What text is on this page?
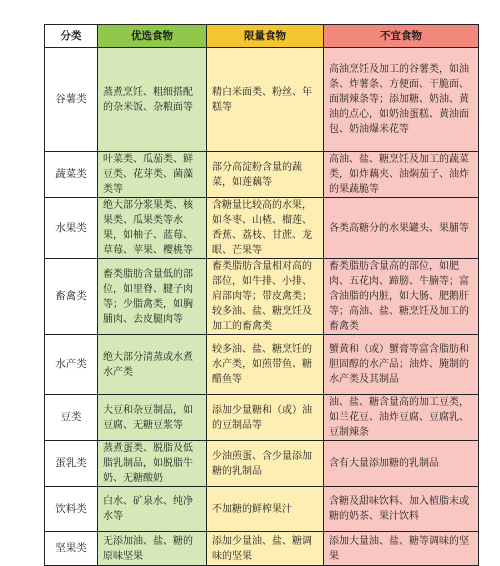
分类	优选食物	限量食物	不宜食物
谷薯类	蒸煮烹饪、粗细搭配的杂米饭、杂粮面等	精白米面类、粉丝、年糕等	高油烹饪及加工的谷薯类，如油条、炸薯条、方便面、干脆面、面制辣条等；添加糖、奶油、黄油的点心，如奶油蛋糕、黄油面包、奶油爆米花等
蔬菜类	叶菜类、瓜茄类、鲜豆类、花芽类、菌藻类等	部分高淀粉含量的蔬菜，如莲藕等	高油、盐、糖烹饪及加工的蔬菜类，如炸藕夹、油焖茄子、油炸的果蔬脆等
水果类	绝大部分浆果类、核果类、瓜果类等水果，如柚子、蓝莓、草莓、苹果、樱桃等	含糖量比较高的水果，如冬枣、山楂、榴莲、香蕉、荔枝、甘蔗、龙眼、芒果等	各类高糖分的水果罐头、果脯等
畜禽类	畜类脂肪含量低的部位，如里脊、腱子肉等；少脂禽类，如胸脯肉、去皮腿肉等	畜类脂肪含量相对高的部位，如牛排、小排、肩部肉等；带皮禽类；较多油、盐、糖烹饪及加工的畜禽类	畜类脂肪含量高的部位，如肥肉、五花肉、蹄膀、牛腩等；富含油脂的内脏，如大肠、肥鹅肝等；高油、盐、糖烹饪及加工的畜禽类
水产类	绝大部分清蒸或水煮水产类	较多油、盐、糖烹饪的水产类，如煎带鱼、糖醋鱼等	蟹黄和（或）蟹膏等富含脂肪和胆固醇的水产品；油炸、腌制的水产类及其制品
豆类	大豆和杂豆制品，如豆腐、无糖豆浆等	添加少量糖和（或）油的豆制品等	油、盐、糖含量高的加工豆类，如兰花豆、油炸豆腐、豆腐乳、豆制辣条
蛋乳类	蒸煮蛋类、脱脂及低脂乳制品，如脱脂牛奶、无糖酸奶	少油煎蛋、含少量添加糖的乳制品	含有大量添加糖的乳制品
饮料类	白水、矿泉水、纯净水等	不加糖的鲜榨果汁	含糖及甜味饮料、加入植脂末或糖的奶茶、果汁饮料
坚果类	无添加油、盐、糖的原味坚果	添加少量油、盐、糖调味的坚果	添加大量油、盐、糖等调味的坚果
